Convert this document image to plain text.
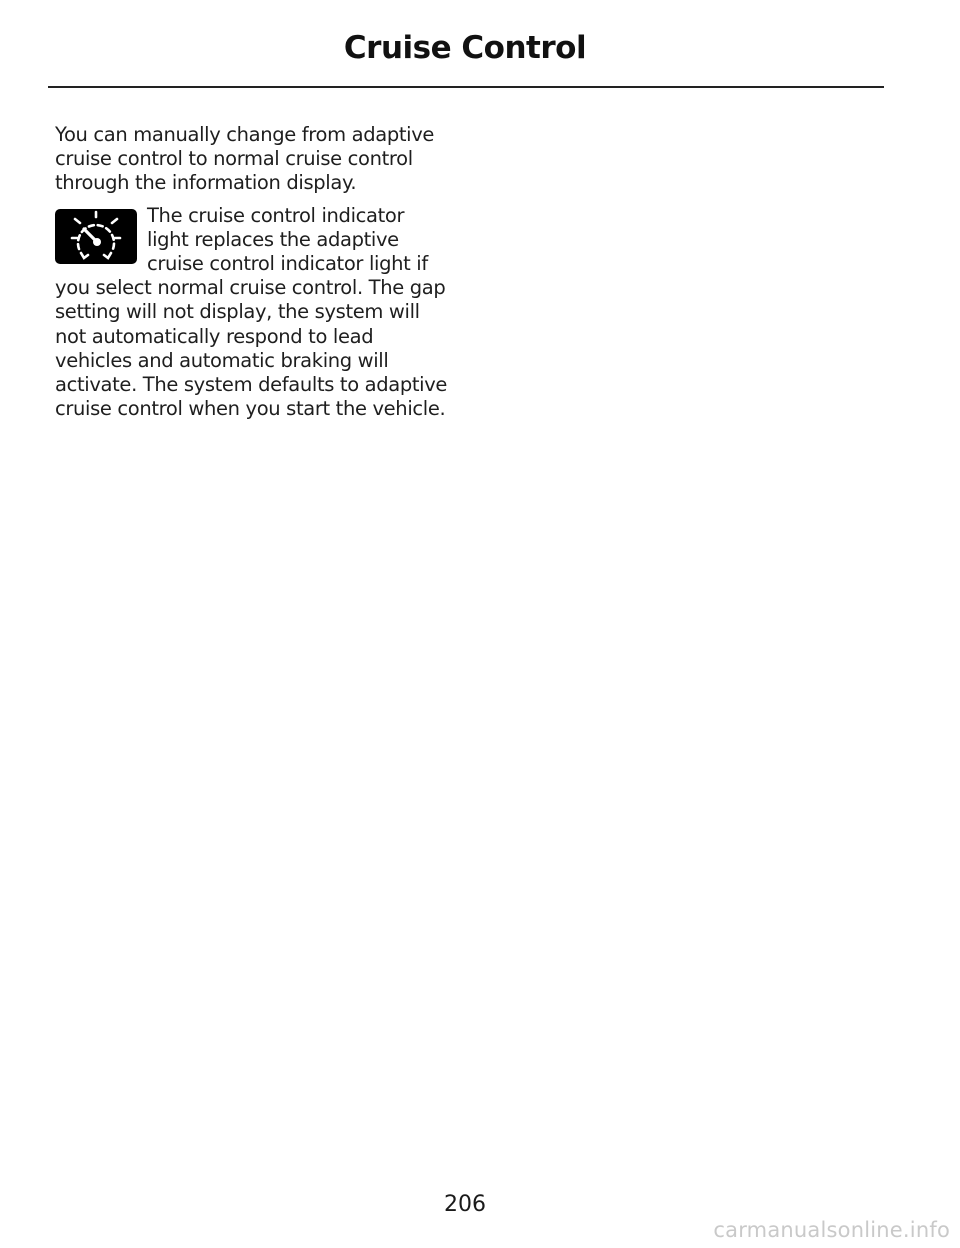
Cruise Control

You can manually change from adaptive cruise control to normal cruise control through the information display.

The cruise control indicator light replaces the adaptive cruise control indicator light if you select normal cruise control. The gap setting will not display, the system will not automatically respond to lead vehicles and automatic braking will activate. The system defaults to adaptive cruise control when you start the vehicle.

206
carmanualsonline.info
